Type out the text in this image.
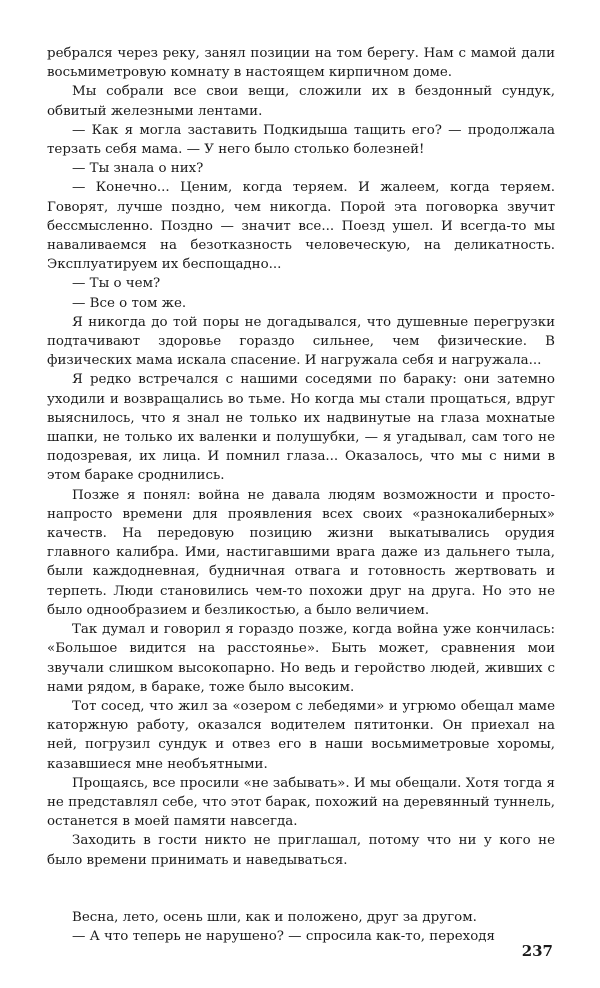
ребрался через реку, занял позиции на том берегу. Нам с мамой дали восьмиметровую комнату в настоящем кирпичном доме.

Мы собрали все свои вещи, сложили их в бездонный сундук, обвитый железными лентами.

— Как я могла заставить Подкидыша тащить его? — продолжала терзать себя мама. — У него было столько болезней!

— Ты знала о них?

— Конечно... Ценим, когда теряем. И жалеем, когда теряем. Говорят, лучше поздно, чем никогда. Порой эта поговорка звучит бессмысленно. Поздно — значит все... Поезд ушел. И всегда-то мы наваливаемся на безотказность человеческую, на деликатность. Эксплуатируем их беспощадно...

— Ты о чем?

— Все о том же.

Я никогда до той поры не догадывался, что душевные перегрузки подтачивают здоровье гораздо сильнее, чем физические. В физических мама искала спасение. И нагружала себя и нагружала...

Я редко встречался с нашими соседями по бараку: они затемно уходили и возвращались во тьме. Но когда мы стали прощаться, вдруг выяснилось, что я знал не только их надвинутые на глаза мохнатые шапки, не только их валенки и полушубки, — я угадывал, сам того не подозревая, их лица. И помнил глаза... Оказалось, что мы с ними в этом бараке сроднились.

Позже я понял: война не давала людям возможности и просто-напросто времени для проявления всех своих «разнокалиберных» качеств. На передовую позицию жизни выкатывались орудия главного калибра. Ими, настигавшими врага даже из дальнего тыла, были каждодневная, будничная отвага и готовность жертвовать и терпеть. Люди становились чем-то похожи друг на друга. Но это не было однообразием и безликостью, а было величием.

Так думал и говорил я гораздо позже, когда война уже кончилась: «Большое видится на расстоянье». Быть может, сравнения мои звучали слишком высокопарно. Но ведь и геройство людей, живших с нами рядом, в бараке, тоже было высоким.

Тот сосед, что жил за «озером с лебедями» и угрюмо обещал маме каторжную работу, оказался водителем пятитонки. Он приехал на ней, погрузил сундук и отвез его в наши восьмиметровые хоромы, казавшиеся мне необъятными.

Прощаясь, все просили «не забывать». И мы обещали. Хотя тогда я не представлял себе, что этот барак, похожий на деревянный туннель, останется в моей памяти навсегда.

Заходить в гости никто не приглашал, потому что ни у кого не было времени принимать и наведываться.

Весна, лето, осень шли, как и положено, друг за другом.

— А что теперь не нарушено? — спросила как-то, переходя

237
